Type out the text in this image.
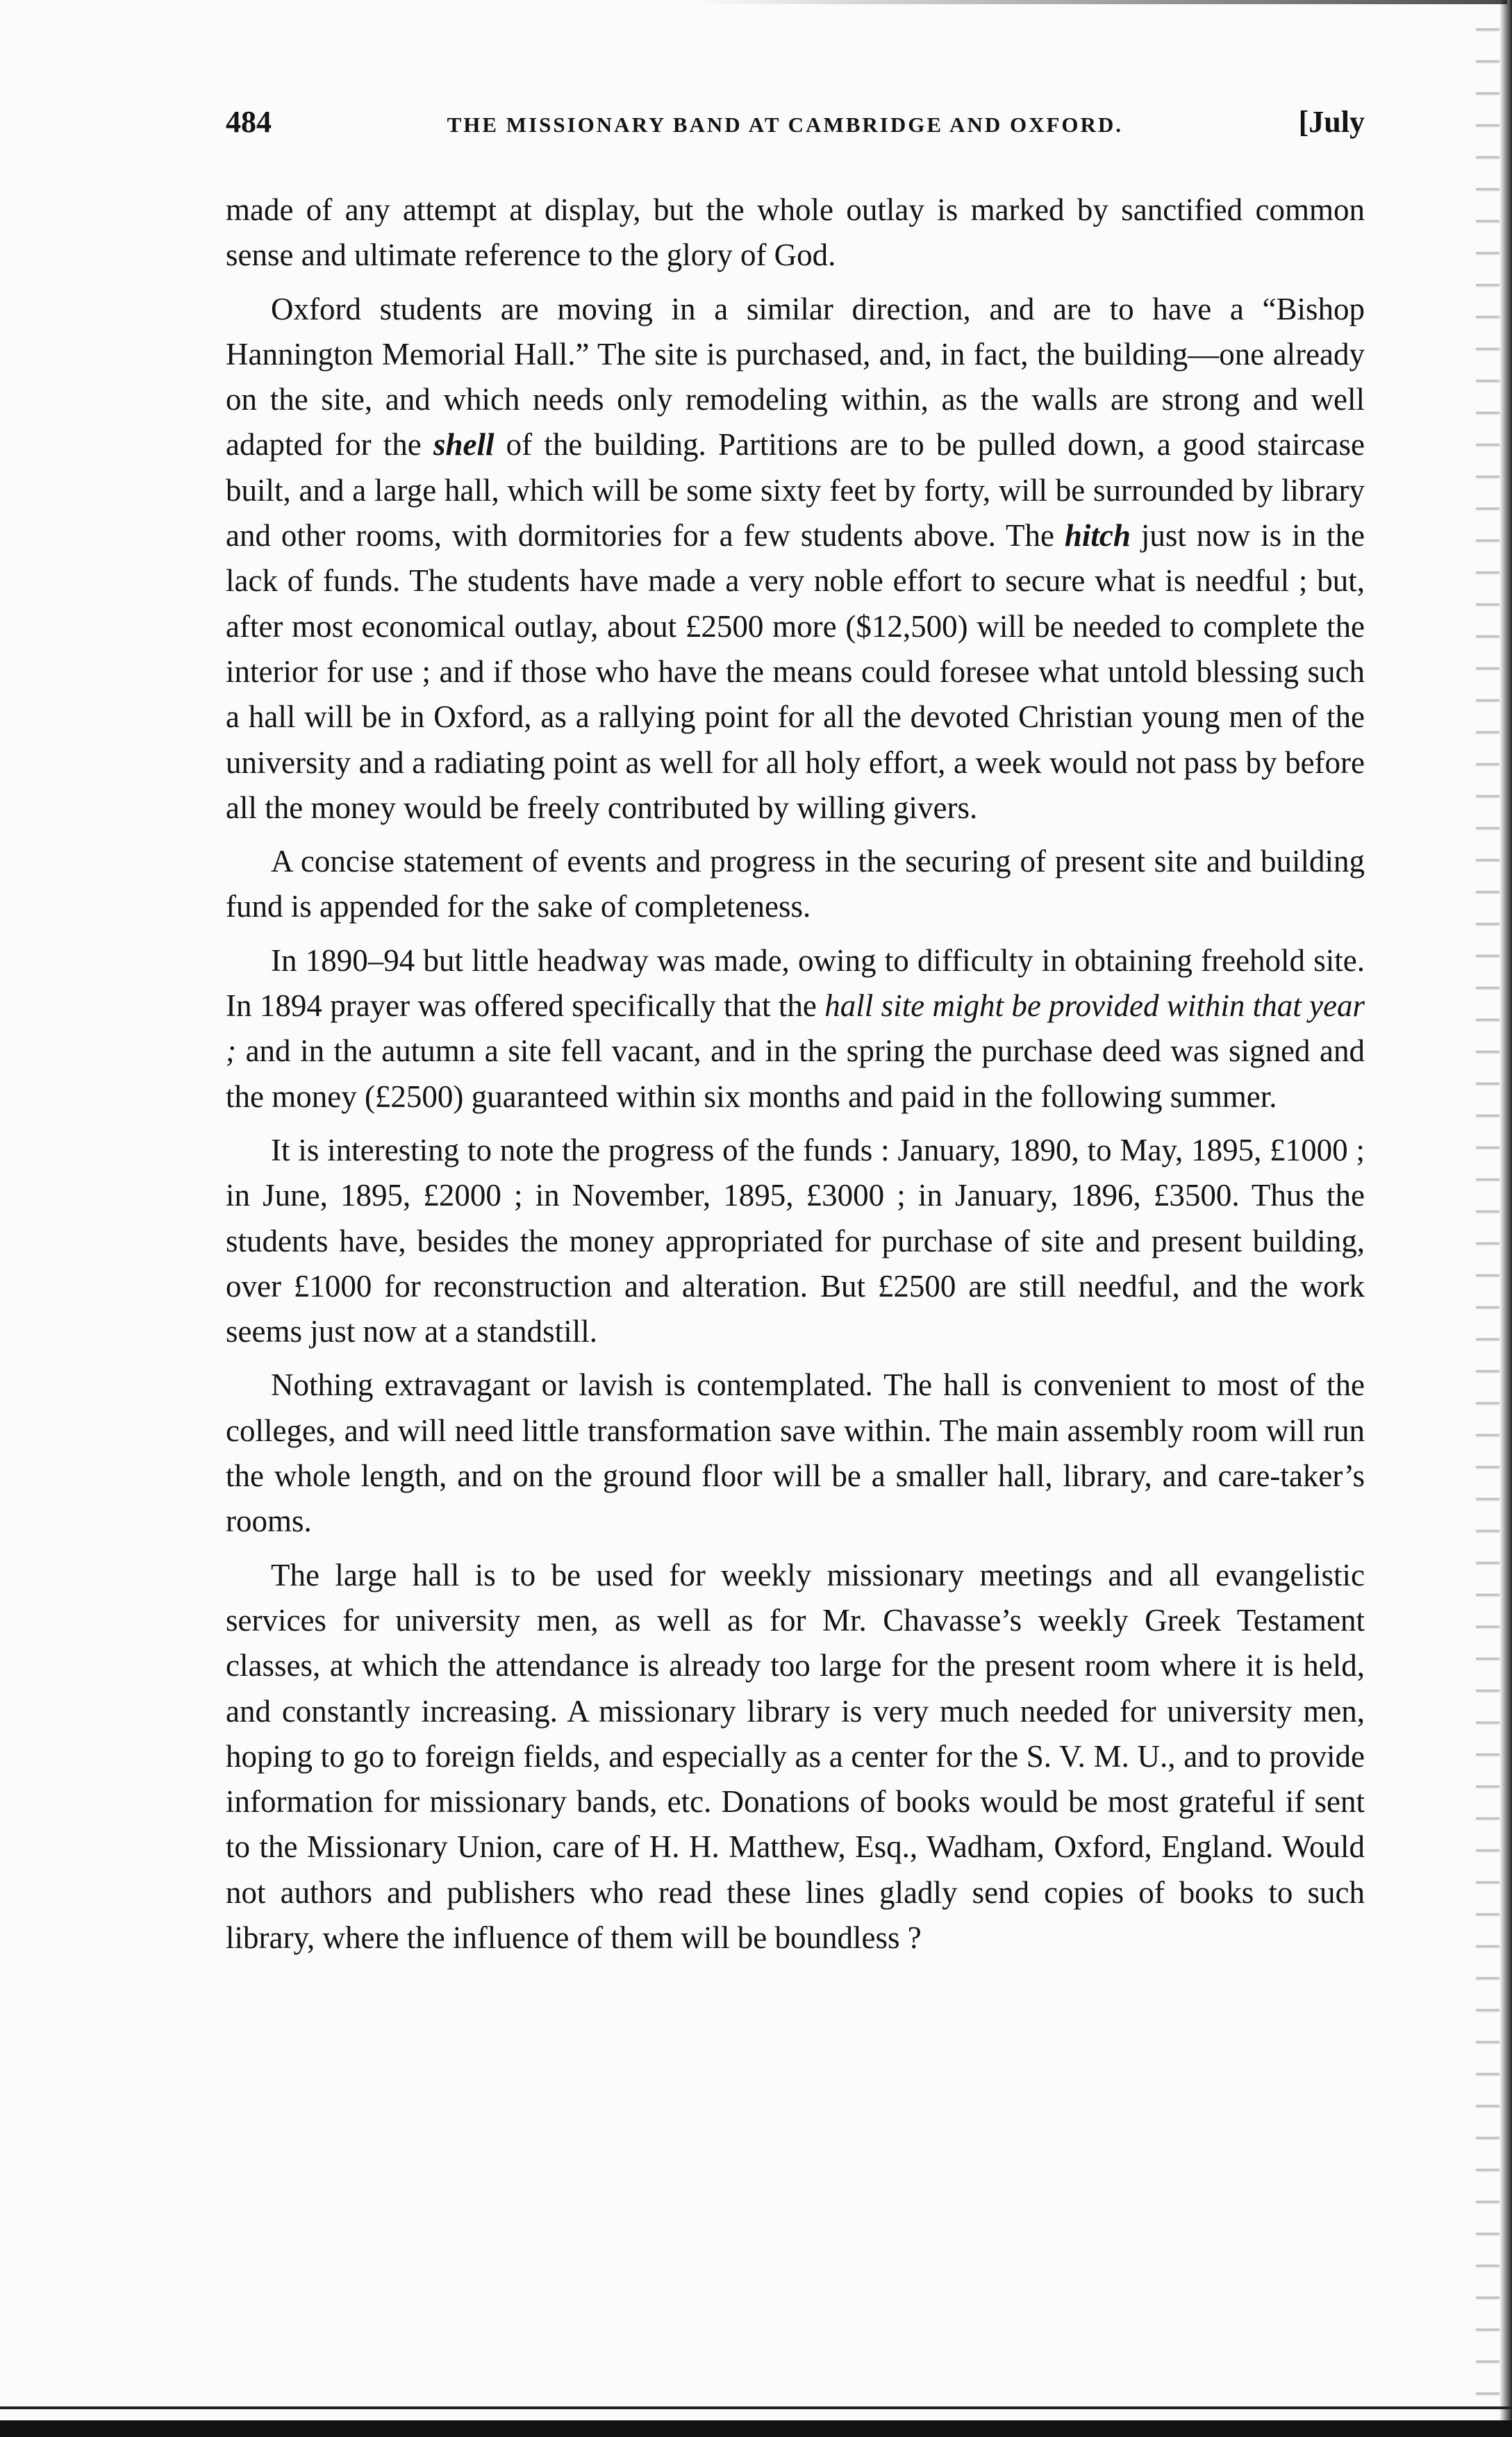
484	THE MISSIONARY BAND AT CAMBRIDGE AND OXFORD.	[July

made of any attempt at display, but the whole outlay is marked by sanctified common sense and ultimate reference to the glory of God.

Oxford students are moving in a similar direction, and are to have a “Bishop Hannington Memorial Hall.” The site is purchased, and, in fact, the building—one already on the site, and which needs only remodeling within, as the walls are strong and well adapted for the shell of the building. Partitions are to be pulled down, a good staircase built, and a large hall, which will be some sixty feet by forty, will be surrounded by library and other rooms, with dormitories for a few students above. The hitch just now is in the lack of funds. The students have made a very noble effort to secure what is needful ; but, after most economical outlay, about £2500 more ($12,500) will be needed to complete the interior for use ; and if those who have the means could foresee what untold blessing such a hall will be in Oxford, as a rallying point for all the devoted Christian young men of the university and a radiating point as well for all holy effort, a week would not pass by before all the money would be freely contributed by willing givers.

A concise statement of events and progress in the securing of present site and building fund is appended for the sake of completeness.

In 1890–94 but little headway was made, owing to difficulty in obtaining freehold site. In 1894 prayer was offered specifically that the hall site might be provided within that year ; and in the autumn a site fell vacant, and in the spring the purchase deed was signed and the money (£2500) guaranteed within six months and paid in the following summer.

It is interesting to note the progress of the funds : January, 1890, to May, 1895, £1000 ; in June, 1895, £2000 ; in November, 1895, £3000 ; in January, 1896, £3500. Thus the students have, besides the money appropriated for purchase of site and present building, over £1000 for reconstruction and alteration. But £2500 are still needful, and the work seems just now at a standstill.

Nothing extravagant or lavish is contemplated. The hall is convenient to most of the colleges, and will need little transformation save within. The main assembly room will run the whole length, and on the ground floor will be a smaller hall, library, and care-taker’s rooms.

The large hall is to be used for weekly missionary meetings and all evangelistic services for university men, as well as for Mr. Chavasse’s weekly Greek Testament classes, at which the attendance is already too large for the present room where it is held, and constantly increasing. A missionary library is very much needed for university men, hoping to go to foreign fields, and especially as a center for the S. V. M. U., and to provide information for missionary bands, etc. Donations of books would be most grateful if sent to the Missionary Union, care of H. H. Matthew, Esq., Wadham, Oxford, England. Would not authors and publishers who read these lines gladly send copies of books to such library, where the influence of them will be boundless ?
